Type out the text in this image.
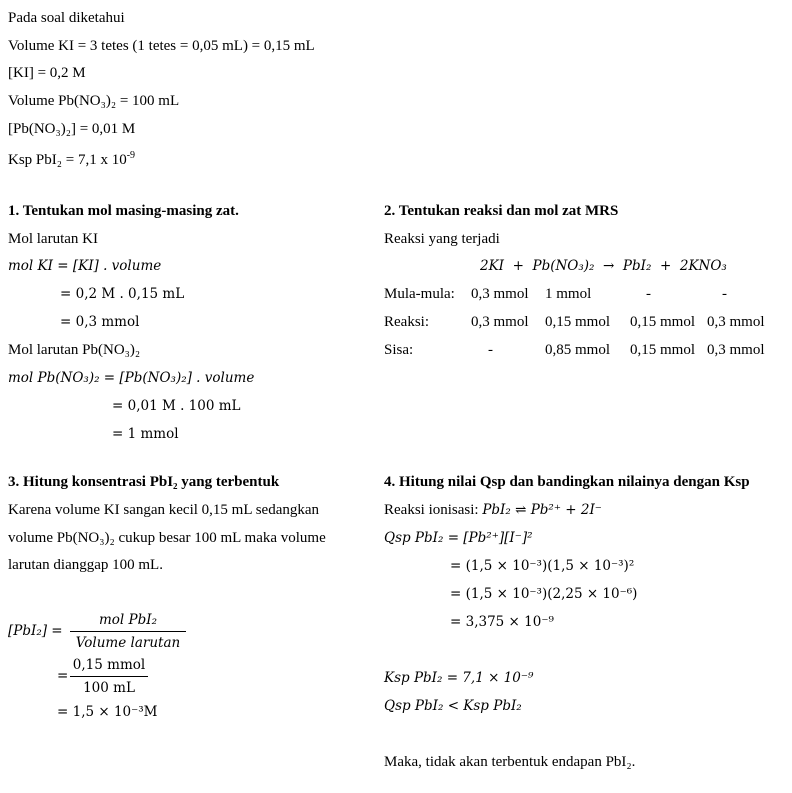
Pada soal diketahui
Volume KI = 3 tetes (1 tetes = 0,05 mL) = 0,15 mL
[KI] = 0,2 M
Volume Pb(NO₃)₂ = 100 mL
[Pb(NO₃)₂] = 0,01 M
Ksp PbI₂ = 7,1 x $10^{-9}$
1. Tentukan mol masing-masing zat.
Mol larutan KI
mol KI = [KI] . volume
= 0,2 M . 0,15 mL
= 0,3 mmol
Mol larutan Pb(NO₃)₂
mol Pb(NO₃)₂ = [Pb(NO₃)₂] . volume
= 0,01 M . 100 mL
= 1 mmol
2. Tentukan reaksi dan mol zat MRS
Reaksi yang terjadi
2KI  +  Pb(NO₃)₂  →  PbI₂  +  2KNO₃
Mula-mula: 0,3 mmol 1 mmol	-	-
Reaksi:	0,3 mmol 0,15 mmol 0,15 mmol 0,3 mmol
Sisa:	-	0,85 mmol 0,15 mmol 0,3 mmol
3. Hitung konsentrasi PbI₂ yang terbentuk
Karena volume KI sangan kecil 0,15 mL sedangkan
volume Pb(NO₃)₂ cukup besar 100 mL maka volume
larutan dianggap 100 mL.
[PbI₂] =
mol PbI₂
Volume larutan
=
0,15 mmol
100 mL
= 1,5 × 10⁻³M
4. Hitung nilai Qsp dan bandingkan nilainya dengan Ksp
Reaksi ionisasi: PbI₂ ⇌ Pb²⁺ + 2I⁻
Qsp PbI₂ = [Pb²⁺][I⁻]²
= (1,5 × 10⁻³)(1,5 × 10⁻³)²
= (1,5 × 10⁻³)(2,25 × 10⁻⁶)
= 3,375 × 10⁻⁹
Ksp PbI₂ = 7,1 × 10⁻⁹
Qsp PbI₂ < Ksp PbI₂
Maka, tidak akan terbentuk endapan PbI₂.
